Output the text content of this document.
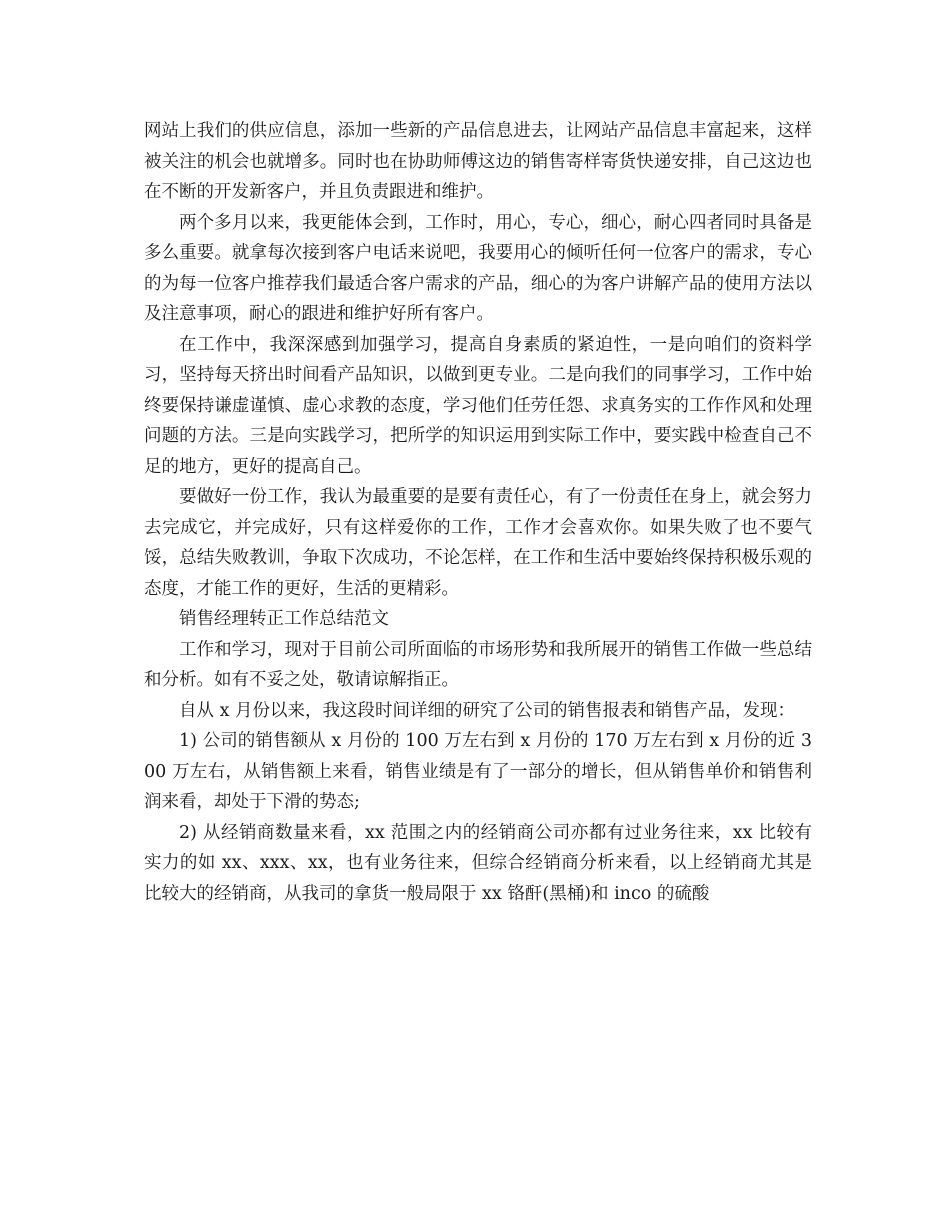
网站上我们的供应信息，添加一些新的产品信息进去，让网站产品信息丰富起来，这样被关注的机会也就增多。同时也在协助师傅这边的销售寄样寄货快递安排，自己这边也在不断的开发新客户，并且负责跟进和维护。

两个多月以来，我更能体会到，工作时，用心，专心，细心，耐心四者同时具备是多么重要。就拿每次接到客户电话来说吧，我要用心的倾听任何一位客户的需求，专心的为每一位客户推荐我们最适合客户需求的产品，细心的为客户讲解产品的使用方法以及注意事项，耐心的跟进和维护好所有客户。

在工作中，我深深感到加强学习，提高自身素质的紧迫性，一是向咱们的资料学习，坚持每天挤出时间看产品知识，以做到更专业。二是向我们的同事学习，工作中始终要保持谦虚谨慎、虚心求教的态度，学习他们任劳任怨、求真务实的工作作风和处理问题的方法。三是向实践学习，把所学的知识运用到实际工作中，要实践中检查自己不足的地方，更好的提高自己。

要做好一份工作，我认为最重要的是要有责任心，有了一份责任在身上，就会努力去完成它，并完成好，只有这样爱你的工作，工作才会喜欢你。如果失败了也不要气馁，总结失败教训，争取下次成功，不论怎样，在工作和生活中要始终保持积极乐观的态度，才能工作的更好，生活的更精彩。

销售经理转正工作总结范文

工作和学习，现对于目前公司所面临的市场形势和我所展开的销售工作做一些总结和分析。如有不妥之处，敬请谅解指正。

自从 x 月份以来，我这段时间详细的研究了公司的销售报表和销售产品，发现：

1) 公司的销售额从 x 月份的 100 万左右到 x 月份的 170 万左右到 x 月份的近 300 万左右，从销售额上来看，销售业绩是有了一部分的增长，但从销售单价和销售利润来看，却处于下滑的势态;

2) 从经销商数量来看，xx 范围之内的经销商公司亦都有过业务往来，xx 比较有实力的如 xx、xxx、xx，也有业务往来，但综合经销商分析来看，以上经销商尤其是比较大的经销商，从我司的拿货一般局限于 xx 铬酐(黑桶)和 inco 的硫酸
